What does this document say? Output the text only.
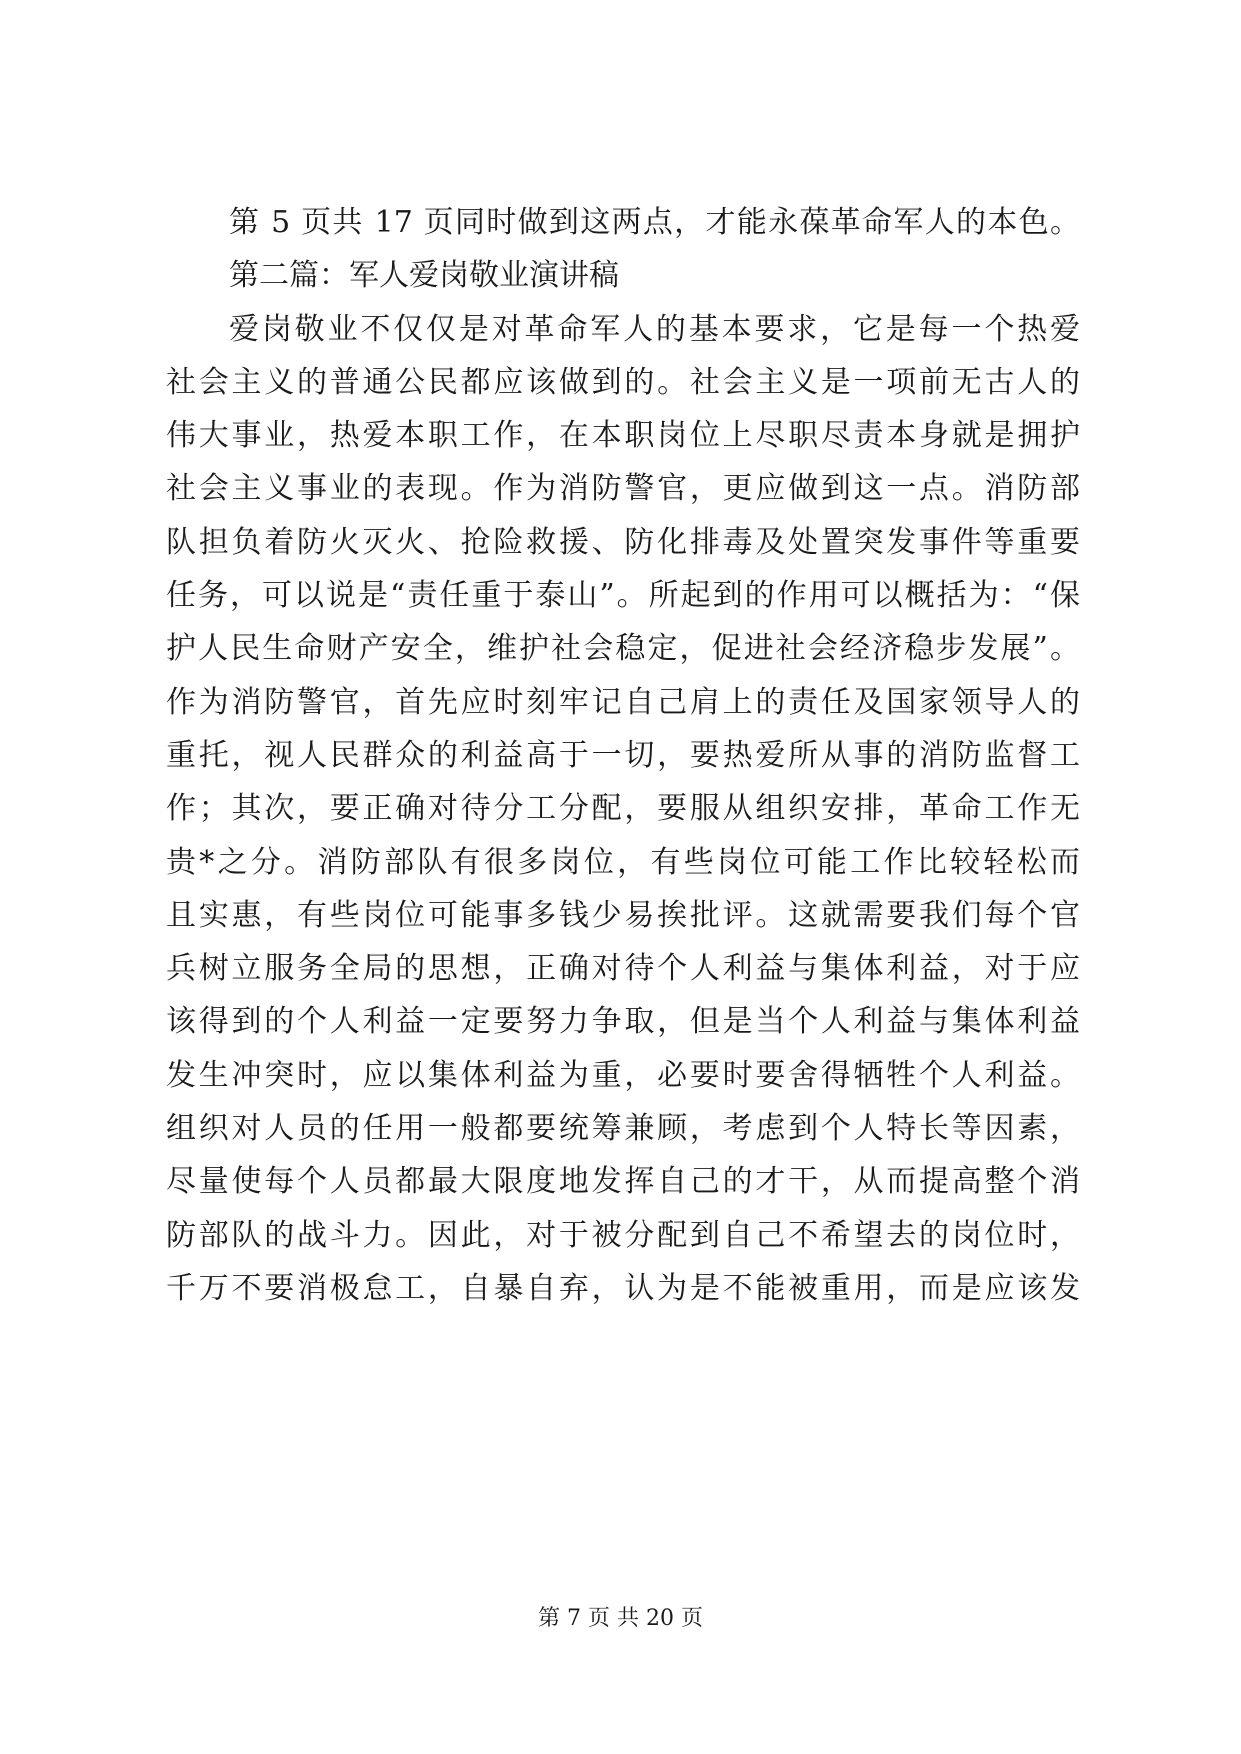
第 5 页共 17 页同时做到这两点，才能永葆革命军人的本色。
第二篇：军人爱岗敬业演讲稿
爱岗敬业不仅仅是对革命军人的基本要求，它是每一个热爱
社会主义的普通公民都应该做到的。社会主义是一项前无古人的
伟大事业，热爱本职工作，在本职岗位上尽职尽责本身就是拥护
社会主义事业的表现。作为消防警官，更应做到这一点。消防部
队担负着防火灭火、抢险救援、防化排毒及处置突发事件等重要
任务，可以说是“责任重于泰山”。所起到的作用可以概括为：“保
护人民生命财产安全，维护社会稳定，促进社会经济稳步发展”。
作为消防警官，首先应时刻牢记自己肩上的责任及国家领导人的
重托，视人民群众的利益高于一切，要热爱所从事的消防监督工
作；其次，要正确对待分工分配，要服从组织安排，革命工作无
贵*之分。消防部队有很多岗位，有些岗位可能工作比较轻松而
且实惠，有些岗位可能事多钱少易挨批评。这就需要我们每个官
兵树立服务全局的思想，正确对待个人利益与集体利益，对于应
该得到的个人利益一定要努力争取，但是当个人利益与集体利益
发生冲突时，应以集体利益为重，必要时要舍得牺牲个人利益。
组织对人员的任用一般都要统筹兼顾，考虑到个人特长等因素，
尽量使每个人员都最大限度地发挥自己的才干，从而提高整个消
防部队的战斗力。因此，对于被分配到自己不希望去的岗位时，
千万不要消极怠工，自暴自弃，认为是不能被重用，而是应该发
第 7 页 共 20 页
